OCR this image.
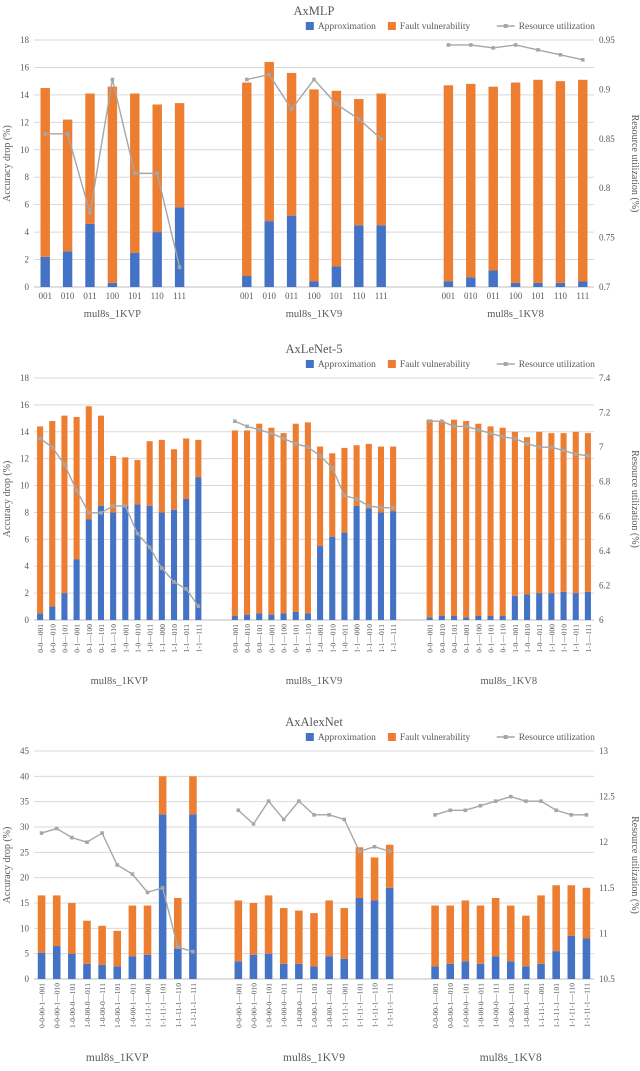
AxMLP
0
2
4
6
8
10
12
14
16
18
0.7
0.75
0.8
0.85
0.9
0.95
Accuracy drop (%)	Resource utilization (%)
001 010 011 100 101 110 111
mul8s_1KVP
001 010 011 100 101 110 111
mul8s_1KV9
001 010 011 100 101 110 111
mul8s_1KV8
Approximation	Fault vulnerability	Resource utilization
AxLeNet-5
0
2
4
6
8
10
12
14
16
18
6
6.2
6.4
6.6
6.8
7
7.2
7.4
Accuracy drop (%)	Resource utilization (%)
0-0—001 0-0—010 0-0—101 0-1—001 0-1—100 0-1—101 0-1—110 1-0—001 1-0—010 1-0—011 1-1—000 1-1—010 1-1—011 1-1—111
mul8s_1KVP
0-0—001 0-0—010 0-0—101 0-1—001 0-1—100 0-1—101 0-1—110 1-0—001 1-0—010 1-0—011 1-1—000 1-1—010 1-1—011 1-1—111
mul8s_1KV9
0-0—001 0-0—010 0-0—101 0-1—001 0-1—100 0-1—101 0-1—110 1-0—001 1-0—010 1-0—011 1-1—000 1-1—010 1-1—011 1-1—111
mul8s_1KV8
Approximation	Fault vulnerability	Resource utilization
AxAlexNet
0
5
10
15
20
25
30
35
40
45
10.5
11
11.5
12
12.5
13
Accuracy drop (%)	Resource utilization (%)
0-0-00-1—001 0-0-00-1—010 1-0-00-0—101 1-0-00-0—011 1-0-00-0—111 1-0-00-1—101 1-0-00-1—011 1-1-11-1—001 1-1-11-1—101 1-1-11-1—110 1-1-11-1—111
mul8s_1KVP
0-0-00-1—001 0-0-00-1—010 1-0-00-0—101 1-0-00-0—011 1-0-00-0—111 1-0-00-1—101 1-0-00-1—011 1-1-11-1—001 1-1-11-1—101 1-1-11-1—110 1-1-11-1—111
mul8s_1KV9
0-0-00-1—001 0-0-00-1—010 1-0-00-0—101 1-0-00-0—011 1-0-00-0—111 1-0-00-1—101 1-0-00-1—011 1-1-11-1—001 1-1-11-1—101 1-1-11-1—110 1-1-11-1—111
mul8s_1KV8
Approximation	Fault vulnerability	Resource utilization
